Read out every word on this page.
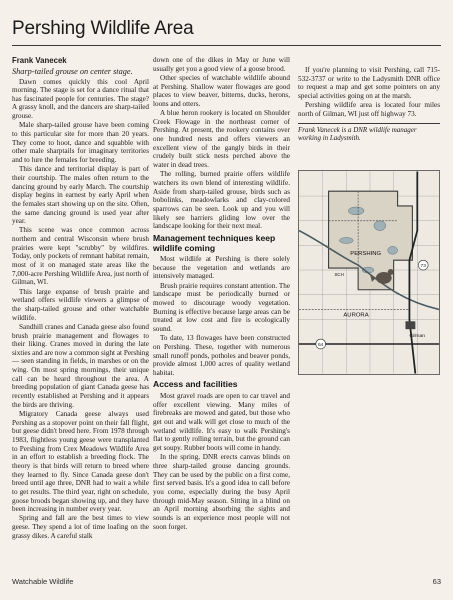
Pershing Wildlife Area
Frank Vanecek
Sharp-tailed grouse on center stage.

Dawn comes quickly this cool April morning. The stage is set for a dance ritual that has fascinated people for centuries. The stage? A grassy knoll, and the dancers are sharp-tailed grouse.

Male sharp-tailed grouse have been coming to this particular site for more than 20 years. They come to hoot, dance and squabble with other male sharptails for imaginary territories and to lure the females for breeding.

This dance and territorial display is part of their courtship. The males often return to the dancing ground by early March. The courtship display begins in earnest by early April when the females start showing up on the site. Often, the same dancing ground is used year after year.

This scene was once common across northern and central Wisconsin where brush prairies were kept "scrubby" by wildfires. Today, only pockets of remnant habitat remain, most of it on managed state areas like the 7,000-acre Pershing Wildlife Area, just north of Gilman, WI.

This large expanse of brush prairie and wetland offers wildlife viewers a glimpse of the sharp-tailed grouse and other watchable wildlife.

Sandhill cranes and Canada geese also found brush prairie management and flowages to their liking. Cranes moved in during the late sixties and are now a common sight at Pershing — seen standing in fields, in marshes or on the wing. On most spring mornings, their unique call can be heard throughout the area. A breeding population of giant Canada geese has recently established at Pershing and it appears the birds are thriving.

Migratory Canada geese always used Pershing as a stopover point on their fall flight, but geese didn't breed here. From 1978 through 1983, flightless young geese were transplanted to Pershing from Crex Meadows Wildlife Area in an effort to establish a breeding flock. The theory is that birds will return to breed where they learned to fly. Since Canada geese don't breed until age three, DNR had to wait a while to get results. The third year, right on schedule, goose broods began showing up, and they have been increasing in number every year.

Spring and fall are the best times to view geese. They spend a lot of time loafing on the grassy dikes. A careful stalk

down one of the dikes in May or June will usually get you a good view of a goose brood.

Other species of watchable wildlife abound at Pershing. Shallow water flowages are good places to view beaver, bitterns, ducks, herons, loons and otters.

A blue heron rookery is located on Shoulder Creek Flowage in the northeast corner of Pershing. At present, the rookery contains over one hundred nests and offers viewers an excellent view of the gangly birds in their crudely built stick nests perched above the water in dead trees.

The rolling, burned prairie offers wildlife watchers its own blend of interesting wildlife. Aside from sharp-tailed grouse, birds such as bobolinks, meadowlarks and clay-colored sparrows can be seen. Look up and you will likely see harriers gliding low over the landscape looking for their next meal.

Management techniques keep wildlife coming

Most wildlife at Pershing is there solely because the vegetation and wetlands are intensively managed.

Brush prairie requires constant attention. The landscape must be periodically burned or mowed to discourage woody vegetation. Burning is effective because large areas can be treated at low cost and fire is ecologically sound.

To date, 13 flowages have been constructed on Pershing. These, together with numerous small runoff ponds, potholes and beaver ponds, provide almost 1,000 acres of quality wetland habitat.

Access and facilities

Most gravel roads are open to car travel and offer excellent viewing. Many miles of firebreaks are mowed and gated, but those who get out and walk will get close to much of the wetland wildlife. It's easy to walk Pershing's flat to gently rolling terrain, but the ground can get soupy. Rubber boots will come in handy.

In the spring, DNR erects canvas blinds on three sharp-tailed grouse dancing grounds. They can be used by the public on a first come, first served basis. It's a good idea to call before you come, especially during the busy April through mid-May season. Sitting in a blind on an April morning absorbing the sights and sounds is an experience most people will not soon forget.

If you're planning to visit Pershing, call 715-532-3737 or write to the Ladysmith DNR office to request a map and get some pointers on any special activities going on at the marsh.

Pershing wildlife area is located four miles north of Gilman, WI just off highway 73.

Frank Vanecek is a DNR wildlife manager working in Ladysmith.
73
64
PERSHING
AURORA
Gilman
SCH
Watchable Wildlife	63
